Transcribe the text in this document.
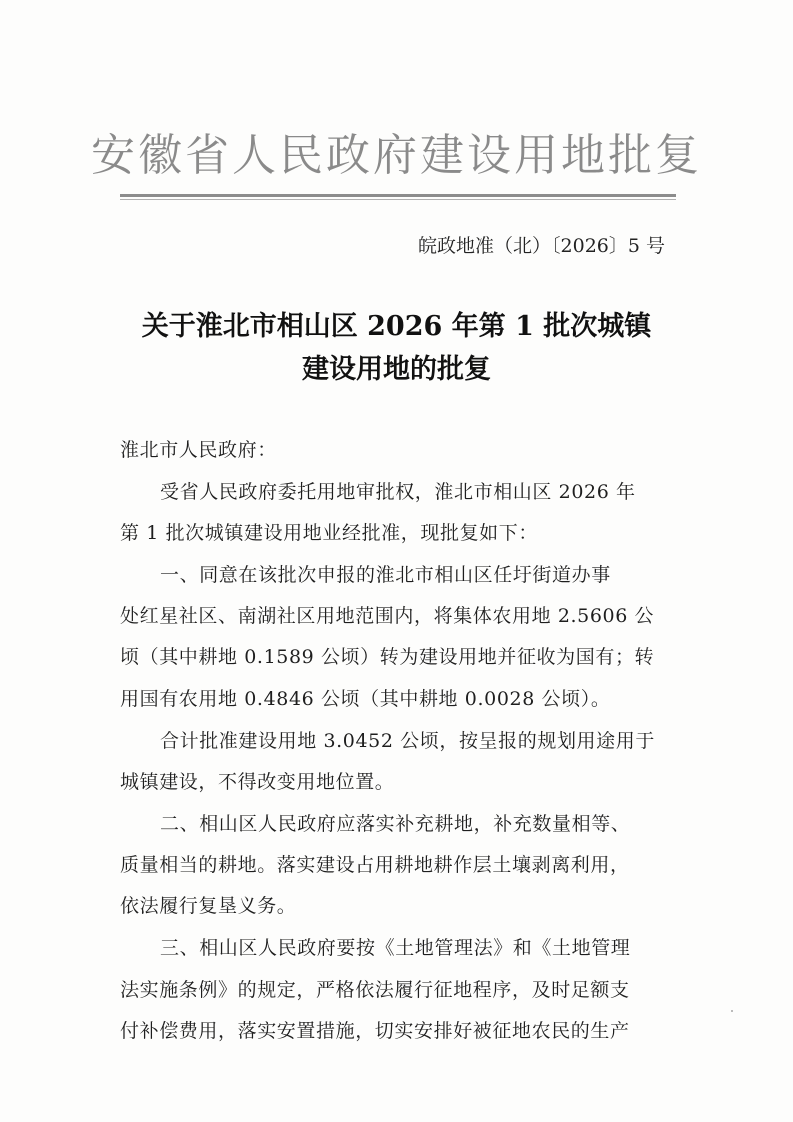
安徽省人民政府建设用地批复
皖政地准（北）〔2026〕5 号
关于淮北市相山区 2026 年第 1 批次城镇
建设用地的批复
淮北市人民政府：
受省人民政府委托用地审批权，淮北市相山区 2026 年
第 1 批次城镇建设用地业经批准，现批复如下：
一、同意在该批次申报的淮北市相山区任圩街道办事
处红星社区、南湖社区用地范围内，将集体农用地 2.5606 公
顷（其中耕地 0.1589 公顷）转为建设用地并征收为国有；转
用国有农用地 0.4846 公顷（其中耕地 0.0028 公顷）。
合计批准建设用地 3.0452 公顷，按呈报的规划用途用于
城镇建设，不得改变用地位置。
二、相山区人民政府应落实补充耕地，补充数量相等、
质量相当的耕地。落实建设占用耕地耕作层土壤剥离利用，
依法履行复垦义务。
三、相山区人民政府要按《土地管理法》和《土地管理
法实施条例》的规定，严格依法履行征地程序，及时足额支
付补偿费用，落实安置措施，切实安排好被征地农民的生产
